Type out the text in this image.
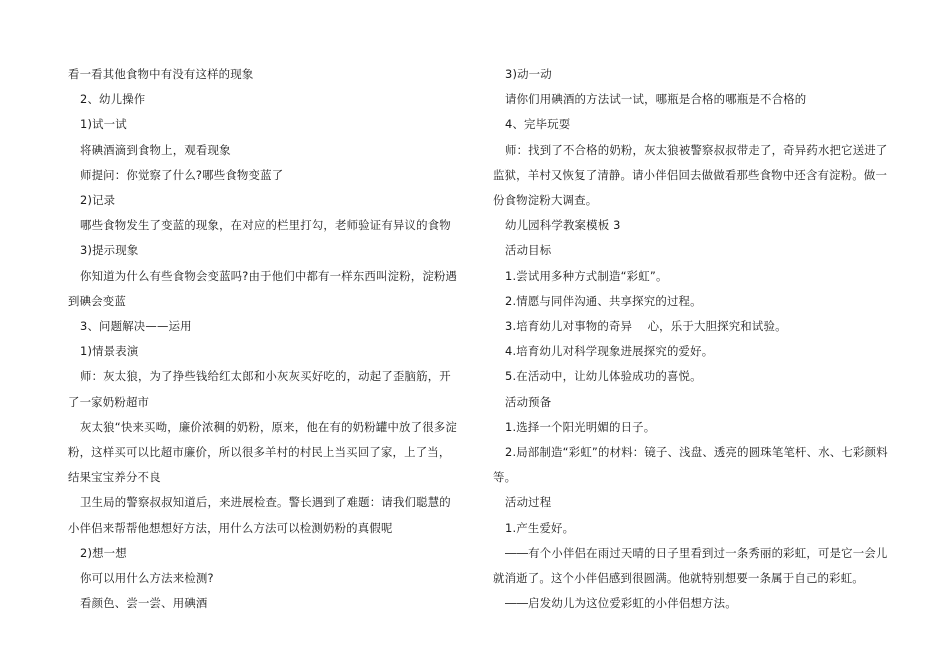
看一看其他食物中有没有这样的现象

2、幼儿操作

1)试一试

将碘酒滴到食物上，观看现象

师提问：你觉察了什么?哪些食物变蓝了

2)记录

哪些食物发生了变蓝的现象，在对应的栏里打勾，老师验证有异议的食物

3)提示现象

你知道为什么有些食物会变蓝吗?由于他们中都有一样东西叫淀粉，淀粉遇到碘会变蓝

3、问题解决——运用

1)情景表演

师：灰太狼，为了挣些钱给红太郎和小灰灰买好吃的，动起了歪脑筋，开了一家奶粉超市

灰太狼“快来买呦，廉价浓稠的奶粉，原来，他在有的奶粉罐中放了很多淀粉，这样买可以比超市廉价，所以很多羊村的村民上当买回了家，上了当，结果宝宝养分不良

卫生局的警察叔叔知道后，来进展检查。警长遇到了难题：请我们聪慧的小伴侣来帮帮他想想好方法，用什么方法可以检测奶粉的真假呢

2)想一想

你可以用什么方法来检测?

看颜色、尝一尝、用碘酒

3)动一动

请你们用碘酒的方法试一试，哪瓶是合格的哪瓶是不合格的

4、完毕玩耍

师：找到了不合格的奶粉，灰太狼被警察叔叔带走了，奇异药水把它送进了监狱，羊村又恢复了清静。请小伴侣回去做做看那些食物中还含有淀粉。做一份食物淀粉大调查。

幼儿园科学教案模板 3

活动目标

1.尝试用多种方式制造“彩虹”。

2.情愿与同伴沟通、共享探究的过程。

3.培育幼儿对事物的奇异　 心，乐于大胆探究和试验。

4.培育幼儿对科学现象进展探究的爱好。

5.在活动中，让幼儿体验成功的喜悦。

活动预备

1.选择一个阳光明媚的日子。

2.局部制造“彩虹”的材料：镜子、浅盘、透亮的圆珠笔笔杆、水、七彩颜料等。

活动过程

1.产生爱好。

――有个小伴侣在雨过天晴的日子里看到过一条秀丽的彩虹，可是它一会儿就消逝了。这个小伴侣感到很圆满。他就特别想要一条属于自己的彩虹。

――启发幼儿为这位爱彩虹的小伴侣想方法。
